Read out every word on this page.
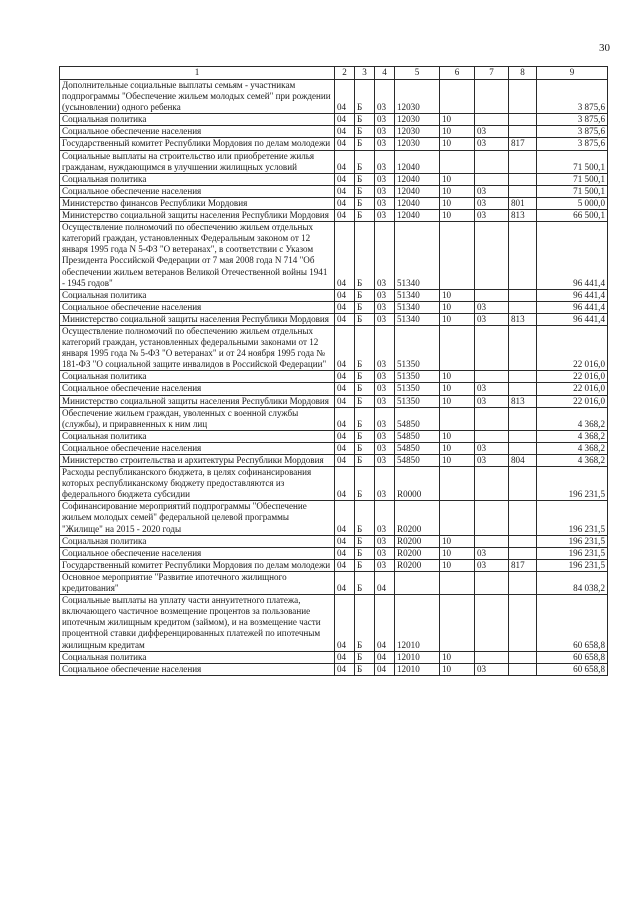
30
1	2	3	4	5	6	7	8	9
Дополнительные социальные выплаты семьям - участникам подпрограммы "Обеспечение жильем молодых семей" при рождении (усыновлении) одного ребенка	04	Б	03	12030				3 875,6
Социальная политика	04	Б	03	12030	10			3 875,6
Социальное обеспечение населения	04	Б	03	12030	10	03		3 875,6
Государственный комитет Республики Мордовия по делам молодежи	04	Б	03	12030	10	03	817	3 875,6
Социальные выплаты на строительство или приобретение жилья гражданам, нуждающимся в улучшении жилищных условий	04	Б	03	12040				71 500,1
Социальная политика	04	Б	03	12040	10			71 500,1
Социальное обеспечение населения	04	Б	03	12040	10	03		71 500,1
Министерство финансов Республики Мордовия	04	Б	03	12040	10	03	801	5 000,0
Министерство социальной защиты населения Республики Мордовия	04	Б	03	12040	10	03	813	66 500,1
Осуществление полномочий по обеспечению жильем отдельных категорий граждан, установленных Федеральным законом от 12 января 1995 года N 5-ФЗ "О ветеранах", в соответствии с Указом Президента Российской Федерации от 7 мая 2008 года N 714 "Об обеспечении жильем ветеранов Великой Отечественной войны 1941 - 1945 годов"	04	Б	03	51340				96 441,4
Социальная политика	04	Б	03	51340	10			96 441,4
Социальное обеспечение населения	04	Б	03	51340	10	03		96 441,4
Министерство социальной защиты населения Республики Мордовия	04	Б	03	51340	10	03	813	96 441,4
Осуществление полномочий по обеспечению жильем отдельных категорий граждан, установленных федеральными законами от 12 января 1995 года № 5-ФЗ "О ветеранах" и от 24 ноября 1995 года № 181-ФЗ "О социальной защите инвалидов в Российской Федерации"	04	Б	03	51350				22 016,0
Социальная политика	04	Б	03	51350	10			22 016,0
Социальное обеспечение населения	04	Б	03	51350	10	03		22 016,0
Министерство социальной защиты населения Республики Мордовия	04	Б	03	51350	10	03	813	22 016,0
Обеспечение жильем граждан, уволенных с военной службы (службы), и приравненных к ним лиц	04	Б	03	54850				4 368,2
Социальная политика	04	Б	03	54850	10			4 368,2
Социальное обеспечение населения	04	Б	03	54850	10	03		4 368,2
Министерство строительства и архитектуры Республики Мордовия	04	Б	03	54850	10	03	804	4 368,2
Расходы республиканского бюджета, в целях софинансирования которых республиканскому бюджету предоставляются из федерального бюджета субсидии	04	Б	03	R0000				196 231,5
Софинансирование мероприятий подпрограммы "Обеспечение жильем молодых семей" федеральной целевой программы "Жилище" на 2015 - 2020 годы	04	Б	03	R0200				196 231,5
Социальная политика	04	Б	03	R0200	10			196 231,5
Социальное обеспечение населения	04	Б	03	R0200	10	03		196 231,5
Государственный комитет Республики Мордовия по делам молодежи	04	Б	03	R0200	10	03	817	196 231,5
Основное мероприятие "Развитие ипотечного жилищного кредитования"	04	Б	04					84 038,2
Социальные выплаты на уплату части аннуитетного платежа, включающего частичное возмещение процентов за пользование ипотечным жилищным кредитом (займом), и на возмещение части процентной ставки дифференцированных платежей по ипотечным жилищным кредитам	04	Б	04	12010				60 658,8
Социальная политика	04	Б	04	12010	10			60 658,8
Социальное обеспечение населения	04	Б	04	12010	10	03		60 658,8
